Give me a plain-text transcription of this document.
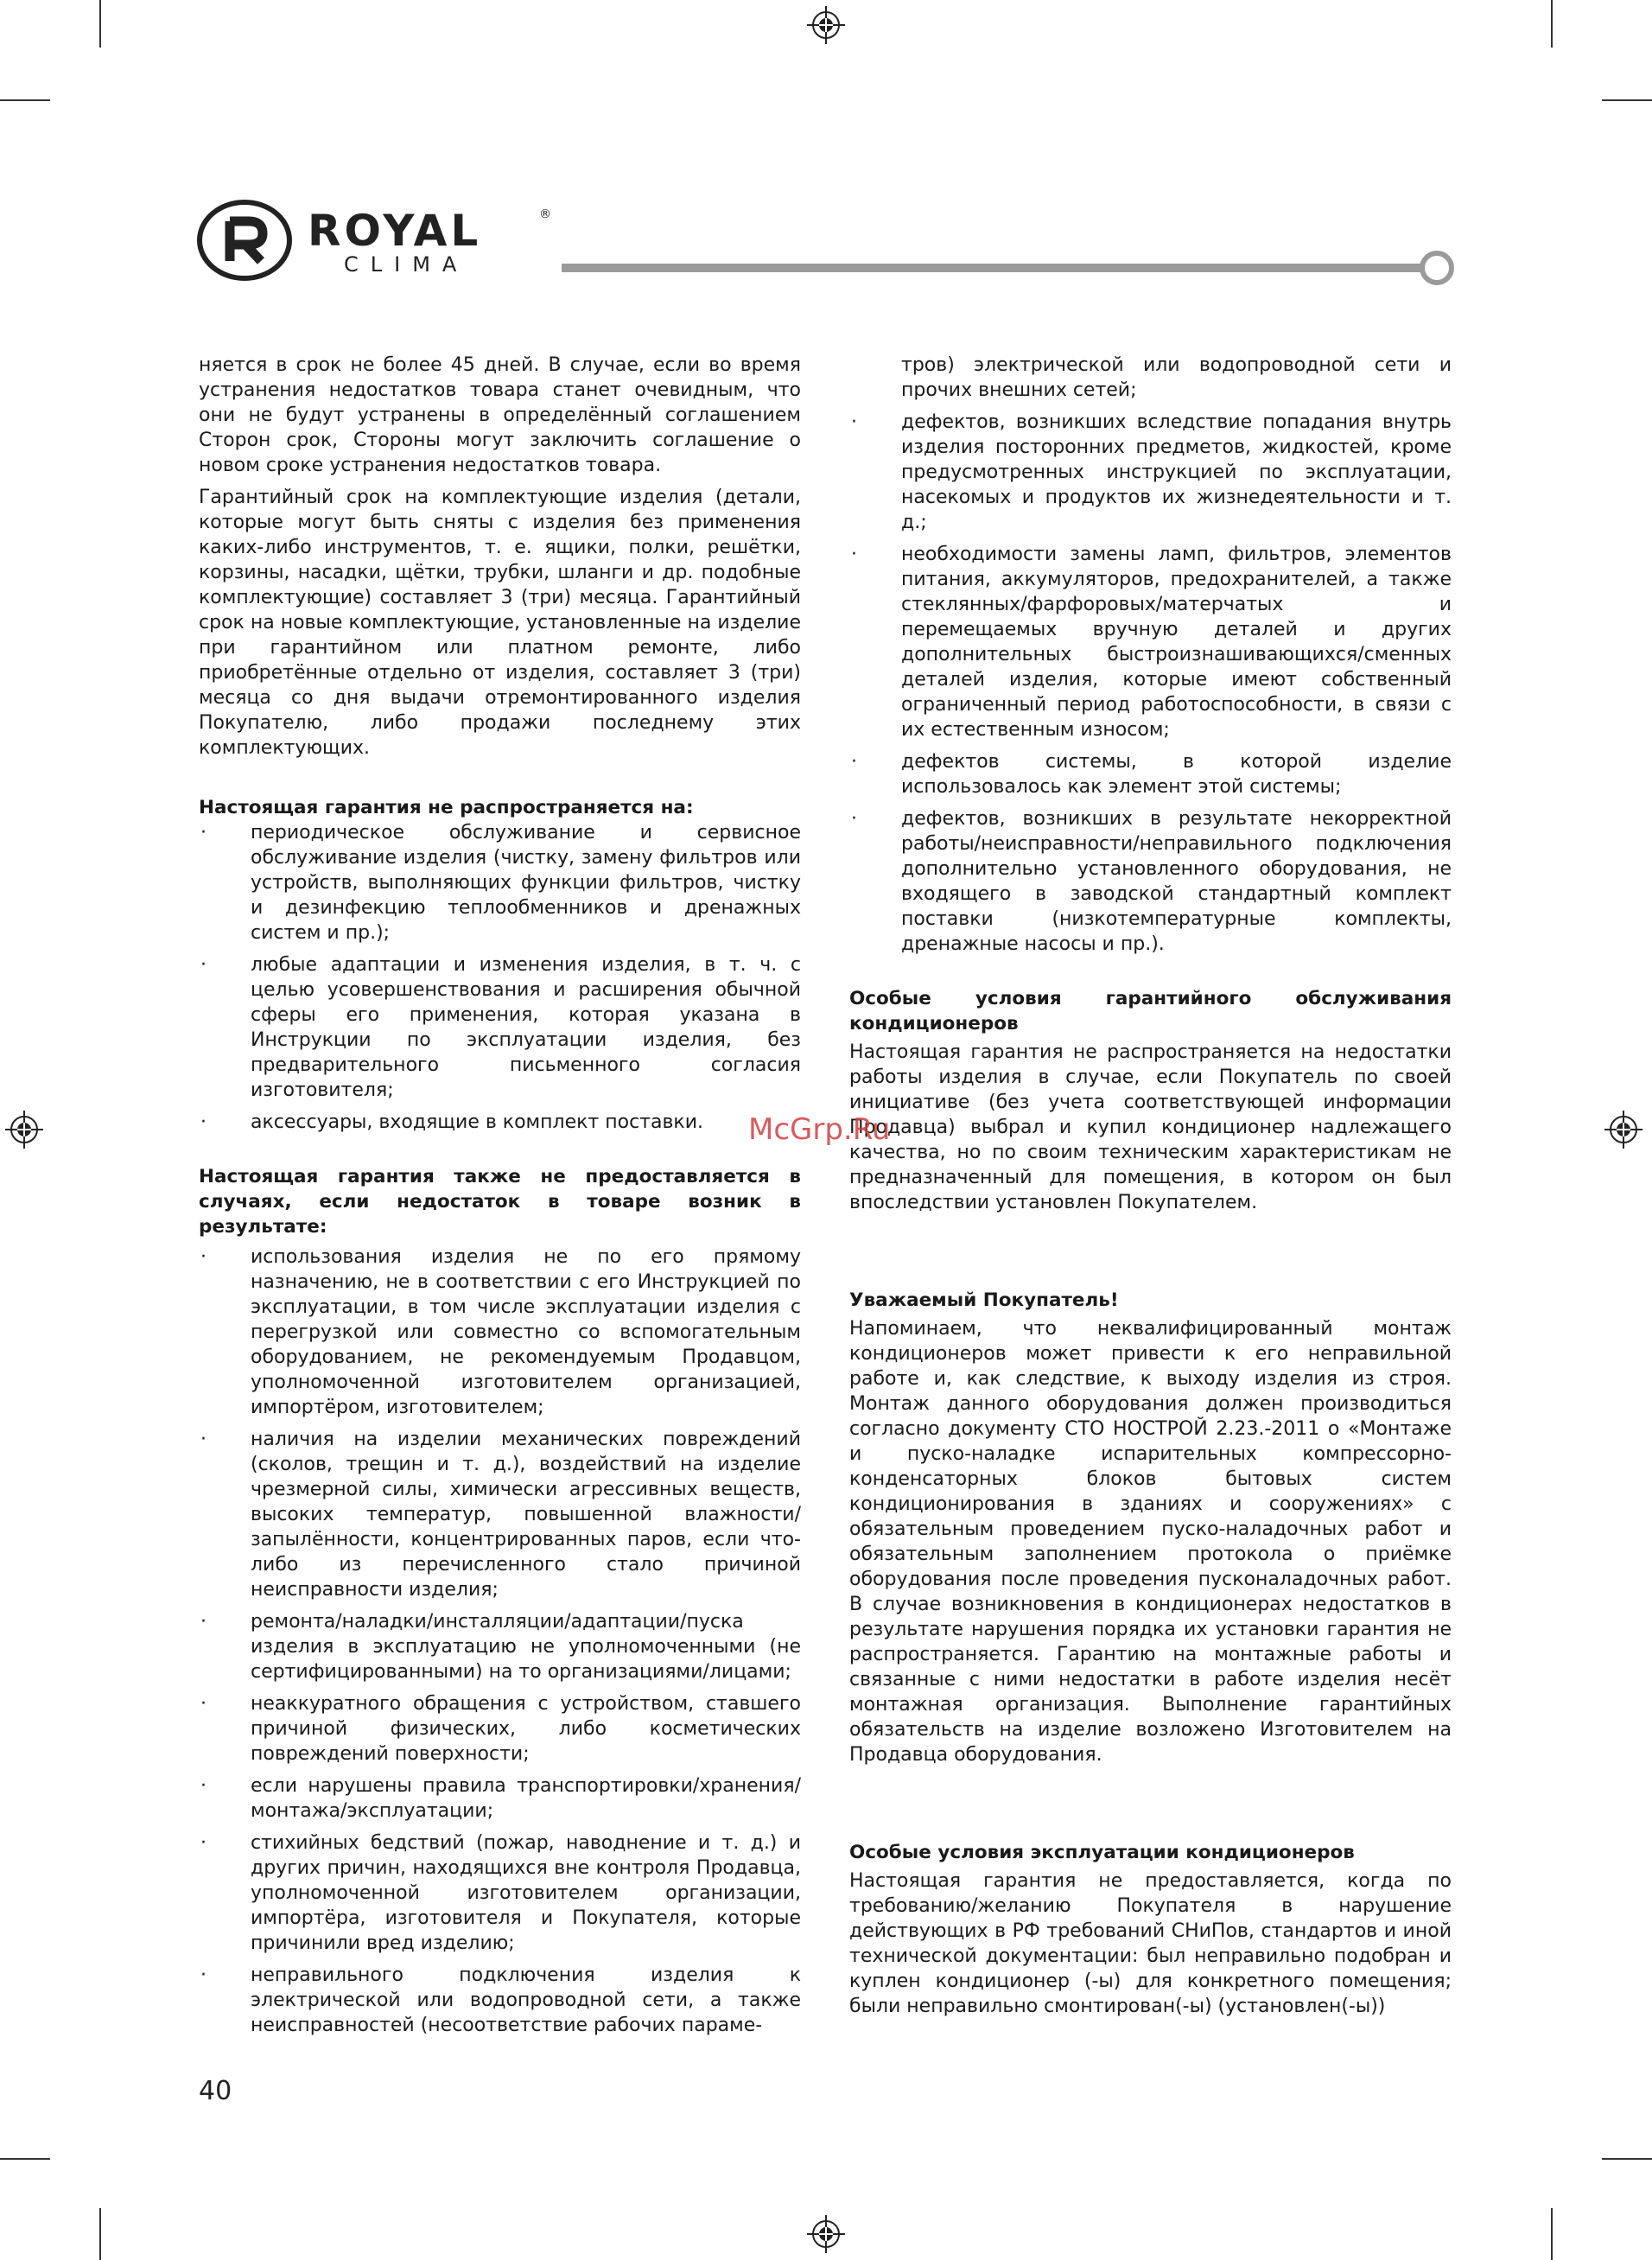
ROYAL	®
CLIMA

няется в срок не более 45 дней. В случае, если во время устранения недостатков товара станет очевидным, что они не будут устранены в определённый соглашением Сторон срок, Стороны могут заключить соглашение о новом сроке устранения недостатков товара.

Гарантийный срок на комплектующие изделия (детали, которые могут быть сняты с изделия без применения каких-либо инструментов, т. е. ящики, полки, решётки, корзины, насадки, щётки, трубки, шланги и др. подобные комплектующие) составляет 3 (три) месяца. Гарантийный срок на новые комплектующие, установленные на изделие при гарантийном или платном ремонте, либо приобретённые отдельно от изделия, составляет 3 (три) месяца со дня выдачи отремонтированного изделия Покупателю, либо продажи последнему этих комплектующих.

Настоящая гарантия не распространяется на:
· периодическое обслуживание и сервисное обслуживание изделия (чистку, замену фильтров или устройств, выполняющих функции фильтров, чистку и дезинфекцию теплообменников и дренажных систем и пр.);
· любые адаптации и изменения изделия, в т. ч. с целью усовершенствования и расширения обычной сферы его применения, которая указана в Инструкции по эксплуатации изделия, без предварительного письменного согласия изготовителя;
· аксессуары, входящие в комплект поставки.
Настоящая гарантия также не предоставляется в случаях, если недостаток в товаре возник в результате:
· использования изделия не по его прямому назначению, не в соответствии с его Инструкцией по эксплуатации, в том числе эксплуатации изделия с перегрузкой или совместно со вспомогательным оборудованием, не рекомендуемым Продавцом, уполномоченной изготовителем организацией, импортёром, изготовителем;
· наличия на изделии механических повреждений (сколов, трещин и т. д.), воздействий на изделие чрезмерной силы, химически агрессивных веществ, высоких температур, повышенной влажности/запылённости, концентрированных паров, если что-либо из перечисленного стало причиной неисправности изделия;
· ремонта/наладки/инсталляции/адаптации/пуска изделия в эксплуатацию не уполномоченными (не сертифицированными) на то организациями/лицами;
· неаккуратного обращения с устройством, ставшего причиной физических, либо косметических повреждений поверхности;
· если нарушены правила транспортировки/хранения/монтажа/эксплуатации;
· стихийных бедствий (пожар, наводнение и т. д.) и других причин, находящихся вне контроля Продавца, уполномоченной изготовителем организации, импортёра, изготовителя и Покупателя, которые причинили вред изделию;
· неправильного подключения изделия к электрической или водопроводной сети, а также неисправностей (несоответствие рабочих параме-
тров) электрической или водопроводной сети и прочих внешних сетей;
· дефектов, возникших вследствие попадания внутрь изделия посторонних предметов, жидкостей, кроме предусмотренных инструкцией по эксплуатации, насекомых и продуктов их жизнедеятельности и т. д.;
· необходимости замены ламп, фильтров, элементов питания, аккумуляторов, предохранителей, а также стеклянных/фарфоровых/матерчатых и перемещаемых вручную деталей и других дополнительных быстроизнашивающихся/сменных деталей изделия, которые имеют собственный ограниченный период работоспособности, в связи с их естественным износом;
· дефектов системы, в которой изделие использовалось как элемент этой системы;
· дефектов, возникших в результате некорректной работы/неисправности/неправильного подключения дополнительно установленного оборудования, не входящего в заводской стандартный комплект поставки (низкотемпературные комплекты, дренажные насосы и пр.).
Особые условия гарантийного обслуживания кондиционеров

Настоящая гарантия не распространяется на недостатки работы изделия в случае, если Покупатель по своей инициативе (без учета соответствующей информации Продавца) выбрал и купил кондиционер надлежащего качества, но по своим техническим характеристикам не предназначенный для помещения, в котором он был впоследствии установлен Покупателем.

Уважаемый Покупатель!

Напоминаем, что неквалифицированный монтаж кондиционеров может привести к его неправильной работе и, как следствие, к выходу изделия из строя. Монтаж данного оборудования должен производиться согласно документу СТО НОСТРОЙ 2.23.-2011 о «Монтаже и пуско-наладке испарительных компрессорно-конденсаторных блоков бытовых систем кондиционирования в зданиях и сооружениях» с обязательным проведением пуско-наладочных работ и обязательным заполнением протокола о приёмке оборудования после проведения пусконаладочных работ. В случае возникновения в кондиционерах недостатков в результате нарушения порядка их установки гарантия не распространяется. Гарантию на монтажные работы и связанные с ними недостатки в работе изделия несёт монтажная организация. Выполнение гарантийных обязательств на изделие возложено Изготовителем на Продавца оборудования.

Особые условия эксплуатации кондиционеров

Настоящая гарантия не предоставляется, когда по требованию/желанию Покупателя в нарушение действующих в РФ требований СНиПов, стандартов и иной технической документации: был неправильно подобран и куплен кондиционер (-ы) для конкретного помещения; были неправильно смонтирован(-ы) (установлен(-ы))

McGrp.Ru
40
